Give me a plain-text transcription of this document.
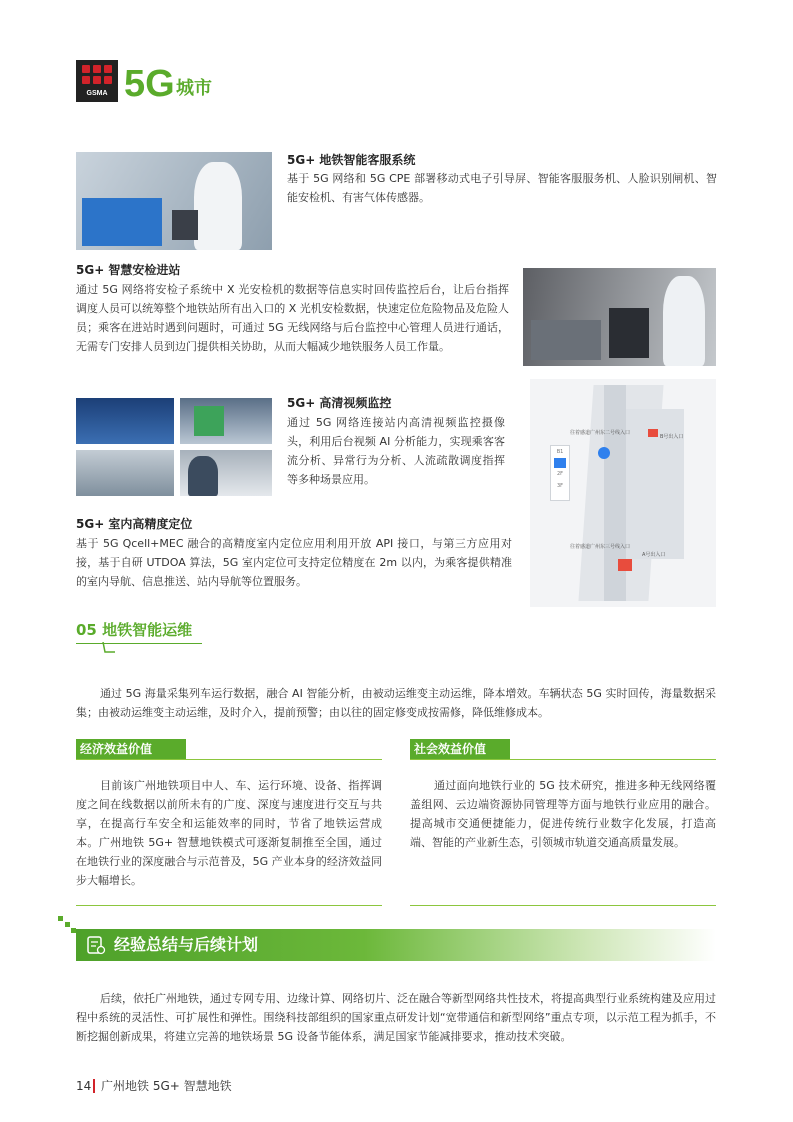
GSMA 5G 城市
5G+ 地铁智能客服系统
基于 5G 网络和 5G CPE 部署移动式电子引导屏、智能客服服务机、人脸识别闸机、智能安检机、有害气体传感器。
5G+ 智慧安检进站
通过 5G 网络将安检子系统中 X 光安检机的数据等信息实时回传监控后台，让后台指挥调度人员可以统筹整个地铁站所有出入口的 X 光机安检数据，快速定位危险物品及危险人员；乘客在进站时遇到问题时，可通过 5G 无线网络与后台监控中心管理人员进行通话，无需专门安排人员到边门提供相关协助，从而大幅减少地铁服务人员工作量。
5G+ 高清视频监控
通过 5G 网络连接站内高清视频监控摄像头，利用后台视频 AI 分析能力，实现乘客客流分析、异常行为分析、人流疏散调度指挥等多种场景应用。
B1
2F
3F
往着感道广州东二号线入口
B号出入口
往着感道广州东三号线入口
A号出入口
5G+ 室内高精度定位
基于 5G Qcell+MEC 融合的高精度室内定位应用利用开放 API 接口，与第三方应用对接，基于自研 UTDOA 算法，5G 室内定位可支持定位精度在 2m 以内，为乘客提供精准的室内导航、信息推送、站内导航等位置服务。
05 地铁智能运维
通过 5G 海量采集列车运行数据，融合 AI 智能分析，由被动运维变主动运维，降本增效。车辆状态 5G 实时回传，海量数据采集；由被动运维变主动运维，及时介入，提前预警；由以往的固定修变成按需修，降低维修成本。
经济效益价值
目前该广州地铁项目中人、车、运行环境、设备、指挥调度之间在线数据以前所未有的广度、深度与速度进行交互与共享，在提高行车安全和运能效率的同时，节省了地铁运营成本。广州地铁 5G+ 智慧地铁模式可逐渐复制推至全国，通过在地铁行业的深度融合与示范普及，5G 产业本身的经济效益同步大幅增长。
社会效益价值
通过面向地铁行业的 5G 技术研究，推进多种无线网络覆盖组网、云边端资源协同管理等方面与地铁行业应用的融合。提高城市交通便捷能力，促进传统行业数字化发展，打造高端、智能的产业新生态，引领城市轨道交通高质量发展。
经验总结与后续计划
后续，依托广州地铁，通过专网专用、边缘计算、网络切片、泛在融合等新型网络共性技术，将提高典型行业系统构建及应用过程中系统的灵活性、可扩展性和弹性。围绕科技部组织的国家重点研发计划“宽带通信和新型网络”重点专项，以示范工程为抓手，不断挖掘创新成果，将建立完善的地铁场景 5G 设备节能体系，满足国家节能减排要求，推动技术突破。
14 广州地铁 5G+ 智慧地铁
